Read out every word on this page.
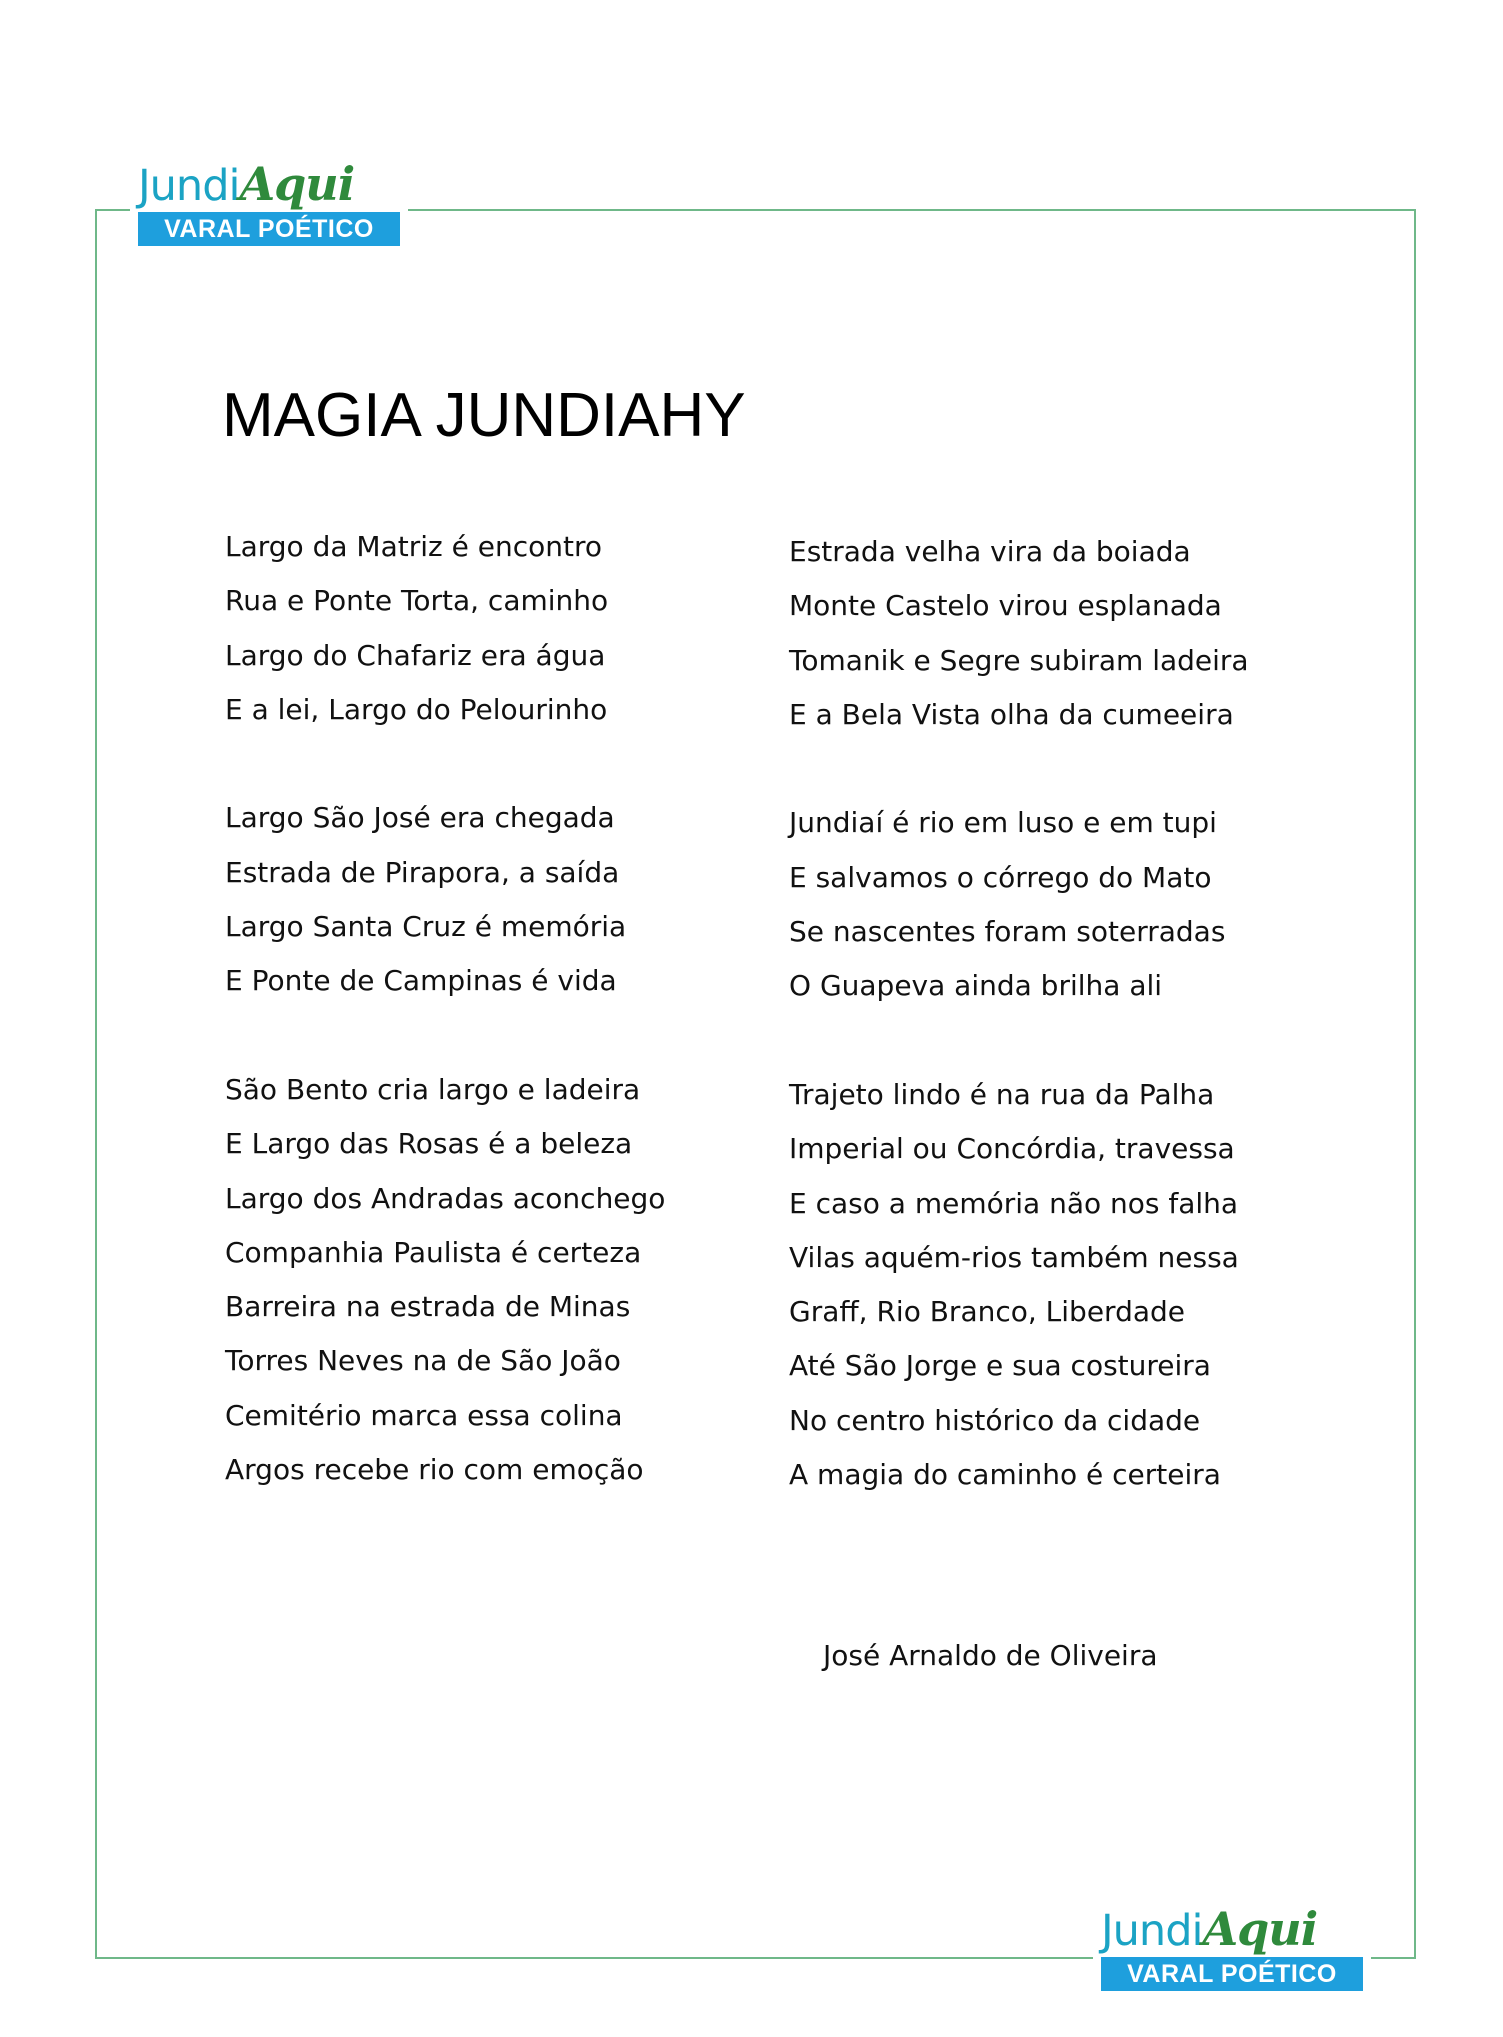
JundiAqui
VARAL POÉTICO
MAGIA JUNDIAHY
Largo da Matriz é encontro
Rua e Ponte Torta, caminho
Largo do Chafariz era água
E a lei, Largo do Pelourinho
Largo São José era chegada
Estrada de Pirapora, a saída
Largo Santa Cruz é memória
E Ponte de Campinas é vida
São Bento cria largo e ladeira
E Largo das Rosas é a beleza
Largo dos Andradas aconchego
Companhia Paulista é certeza
Barreira na estrada de Minas
Torres Neves na de São João
Cemitério marca essa colina
Argos recebe rio com emoção
Estrada velha vira da boiada
Monte Castelo virou esplanada
Tomanik e Segre subiram ladeira
E a Bela Vista olha da cumeeira
Jundiaí é rio em luso e em tupi
E salvamos o córrego do Mato
Se nascentes foram soterradas
O Guapeva ainda brilha ali
Trajeto lindo é na rua da Palha
Imperial ou Concórdia, travessa
E caso a memória não nos falha
Vilas aquém-rios também nessa
Graff, Rio Branco, Liberdade
Até São Jorge e sua costureira
No centro histórico da cidade
A magia do caminho é certeira
José Arnaldo de Oliveira
JundiAqui
VARAL POÉTICO
